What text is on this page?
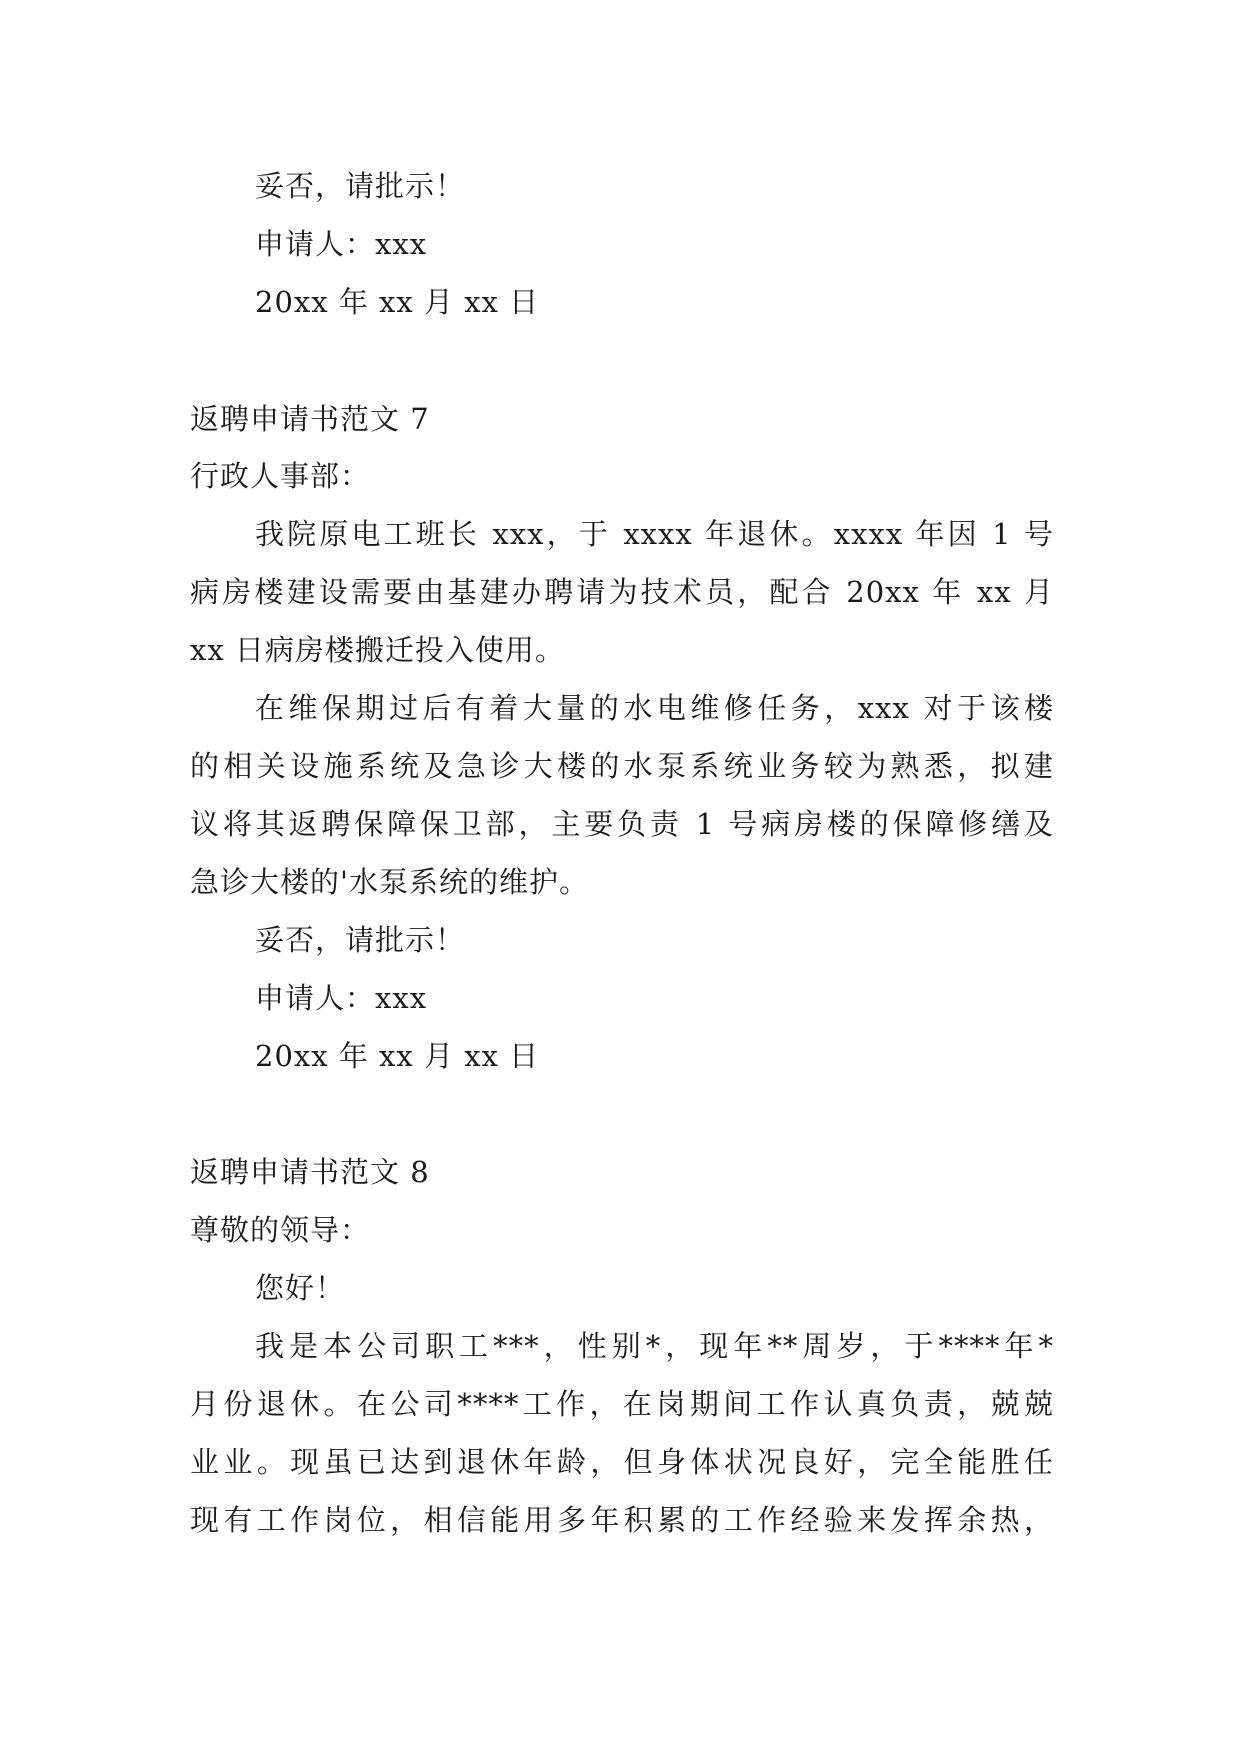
妥否，请批示！
申请人：xxx
20xx 年 xx 月 xx 日
返聘申请书范文 7
行政人事部：
我院原电工班长 xxx，于 xxxx 年退休。xxxx 年因 1 号
病房楼建设需要由基建办聘请为技术员，配合 20xx 年 xx 月
xx 日病房楼搬迁投入使用。
在维保期过后有着大量的水电维修任务，xxx 对于该楼
的相关设施系统及急诊大楼的水泵系统业务较为熟悉，拟建
议将其返聘保障保卫部，主要负责 1 号病房楼的保障修缮及
急诊大楼的'水泵系统的维护。
妥否，请批示！
申请人：xxx
20xx 年 xx 月 xx 日
返聘申请书范文 8
尊敬的领导：
您好！
我是本公司职工***，性别*，现年**周岁，于****年*
月份退休。在公司****工作，在岗期间工作认真负责，兢兢
业业。现虽已达到退休年龄，但身体状况良好，完全能胜任
现有工作岗位，相信能用多年积累的工作经验来发挥余热，
